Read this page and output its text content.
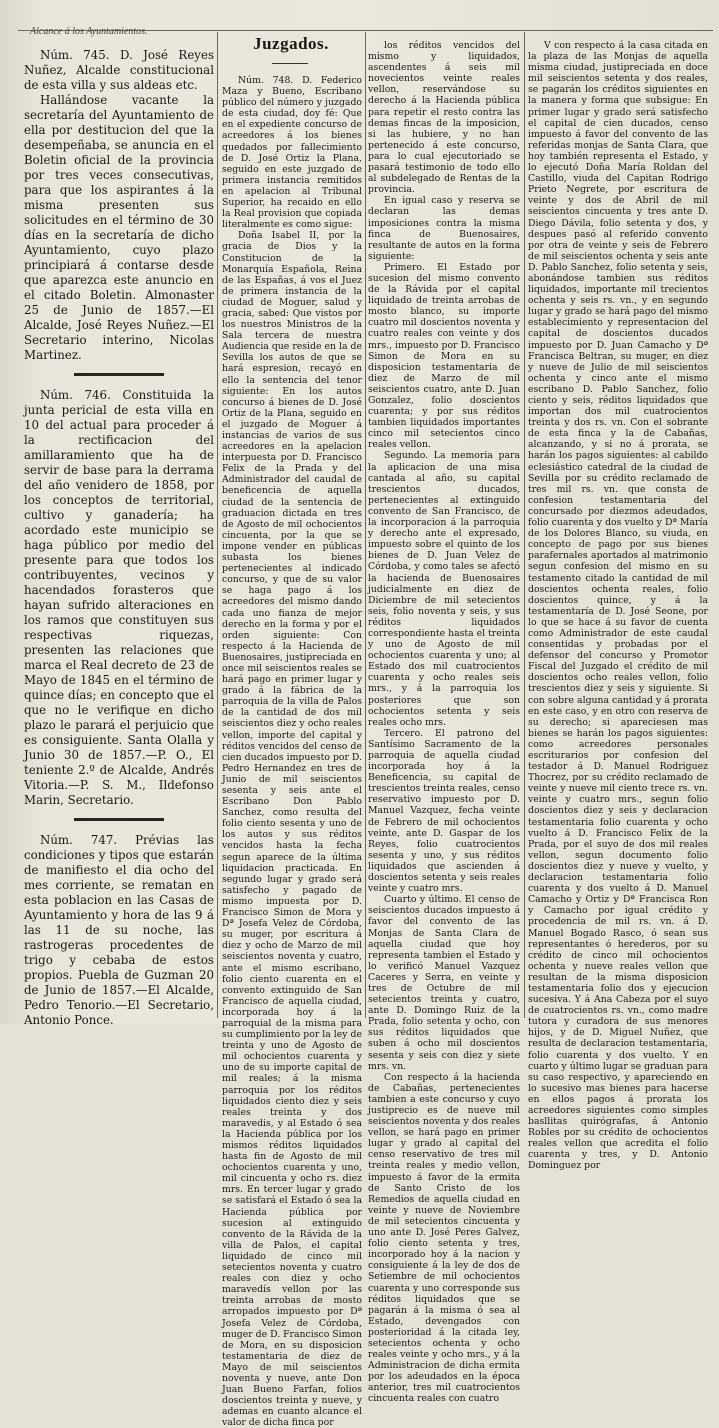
Alcance á los Ayuntamientos.
Juzgados.

Núm. 745. D. José Reyes Nuñez, Alcalde constitucional de esta villa y sus aldeas etc.

Hallándose vacante la secretaría del Ayuntamiento de ella por destitucion del que la desempeñaba, se anuncia en el Boletin oficial de la provincia por tres veces consecutivas, para que los aspirantes á la misma presenten sus solicitudes en el término de 30 días en la secretaría de dicho Ayuntamiento, cuyo plazo principiará á contarse desde que aparezca este anuncio en el citado Boletin. Almonaster 25 de Junio de 1857.—El Alcalde, José Reyes Nuñez.—El Secretario interino, Nicolas Martinez.

Núm. 746. Constituida la junta pericial de esta villa en 10 del actual para proceder á la rectificacion del amillaramiento que ha de servir de base para la derrama del año venidero de 1858, por los conceptos de territorial, cultivo y ganadería; ha acordado este municipio se haga público por medio del presente para que todos los contribuyentes, vecinos y hacendados forasteros que hayan sufrido alteraciones en los ramos que constituyen sus respectivas riquezas, presenten las relaciones que marca el Real decreto de 23 de Mayo de 1845 en el término de quince días; en concepto que el que no le verifique en dicho plazo le parará el perjuicio que es consiguiente. Santa Olalla y Junio 30 de 1857.—P. O., El teniente 2.º de Alcalde, Andrés Vitoria.—P. S. M., Ildefonso Marin, Secretario.

Núm. 747. Prévias las condiciones y tipos que estarán de manifiesto el dia ocho del mes corriente, se rematan en esta poblacion en las Casas de Ayuntamiento y hora de las 9 á las 11 de su noche, las rastrogeras procedentes de trigo y cebaba de estos propios. Puebla de Guzman 20 de Junio de 1857.—El Alcalde, Pedro Tenorio.—El Secretario, Antonio Ponce.

Núm. 748. D. Federico Maza y Bueno, Escribano público del número y juzgado de esta ciudad, doy fé: Que en el expediente concurso de acreedores á los bienes quedados por fallecimiento de D. José Ortiz la Plana, seguido en este juzgado de primera instancia remitidos en apelacion al Tribunal Superior, ha recaido en ello la Real provision que copiada literalmente es como sigue:

Doña Isabel II, por la gracia de Dios y la Constitucion de la Monarquía Española, Reina de las Españas, á vos el Juez de primera instancia de la ciudad de Moguer, salud y gracia, sabed: Que vistos por los nuestros Ministros de la Sala tercera de nuestra Audiencia que reside en la de Sevilla los autos de que se hará espresion, recayó en ello la sentencia del tenor siguiente: En los autos concurso á bienes de D. José Ortiz de la Plana, seguido en el juzgado de Moguer á instancias de varios de sus acreedores en la apelacion interpuesta por D. Francisco Felix de la Prada y del Administrador del caudal de beneficencia de aquella ciudad de la sentencia de graduacion dictada en tres de Agosto de mil ochocientos cincuenta, por la que se impone vender en públicas subasta los bienes pertenecientes al indicado concurso, y que de su valor se haga pago á los acreedores del mismo dando cada uno fianza de mejor derecho en la forma y por el orden siguiente: Con respecto á la Hacienda de Buenosaires, justipreciada en once mil seiscientos reales se hará pago en primer lugar y grado á la fábrica de la parroquia de la villa de Palos de la cantidad de dos mil seiscientos diez y ocho reales vellon, importe del capital y réditos vencidos del censo de cien ducados impuesto por D. Pedro Hernandez en tres de Junio de mil seiscientos sesenta y seis ante el Escribano Don Pablo Sanchez, como resulta del folio ciento sesenta y uno de los autos y sus réditos vencidos hasta la fecha segun aparece de la última liquidacion practicada. En segundo lugar y grado será satisfecho y pagado de mismo impuesta por D. Francisco Simon de Mora y Dª Josefa Velez de Córdoba, su muger, por escritura á diez y ocho de Marzo de mil seiscientos noventa y cuatro, ante el mismo escribano, folio ciento cuarenta en el convento extinguido de San Francisco de aquella ciudad, incorporada hoy á la parroquial de la misma para su cumplimiento por la ley de treinta y uno de Agosto de mil ochocientos cuarenta y uno de su importe capital de mil reales; á la misma parroquia por los réditos liquidados ciento diez y seis reales treinta y dos maravedis, y al Estado ó sea la Hacienda pública por los mismos réditos liquidados hasta fin de Agosto de mil ochocientos cuarenta y uno, mil cincuenta y ocho rs. diez mrs. En tercer lugar y grado se satisfará el Estado ó sea la Hacienda pública por sucesion al extinguido convento de la Rávida de la villa de Palos, el capital liquidado de cinco mil setecientos noventa y cuatro reales con diez y ocho maravedís vellon por las treinta arrobas de mosto arropados impuesto por Dª Josefa Velez de Córdoba, muger de D. Francisco Simon de Mora, en su disposicion testamentaria de diez de Mayo de mil seiscientos noventa y nueve, ante Don Juan Bueno Farfan, folios doscientos treinta y nueve, y ademas en cuanto alcance el valor de dicha finca por

los réditos vencidos del mismo y liquidados, ascendentes á seis mil novecientos veinte reales vellon, reservándose su derecho á la Hacienda pública para repetir el resto contra las demas fincas de la imposicion, si las hubiere, y no han pertenecido á este concurso, para lo cual ejecutoriado se pasará testimonio de todo ello al subdelegado de Rentas de la provincia.

En igual caso y reserva se declaran las demas imposiciones contra la misma finca de Buenosaires, resultante de autos en la forma siguiente:

Primero. El Estado por sucesion del mismo convento de la Rávida por el capital liquidado de treinta arrobas de mosto blanco, su importe cuatro mil doscientos noventa y cuatro reales con veinte y dos mrs., impuesto por D. Francisco Simon de Mora en su disposicion testamentaria de diez de Marzo de mil seiscientos cuatro, ante D. Juan Gonzalez, folio doscientos cuarenta; y por sus réditos tambien liquidados importantes cinco mil setecientos cinco reales vellon.

Segundo. La memoria para la aplicacion de una misa cantada al año, su capital trescientos ducados, pertenecientes al extinguido convento de San Francisco, de la incorporacion á la parroquia y derecho ante el expresado, impuesto sobre el quinto de los bienes de D. Juan Velez de Córdoba, y como tales se afectó la hacienda de Buenosaires judicialmente en diez de Diciembre de mil setecientos seis, folio noventa y seis, y sus réditos liquidados correspondiente hasta el treinta y uno de Agosto de mil ochocientos cuarenta y uno; al Estado dos mil cuatrocientos cuarenta y ocho reales seis mrs., y á la parroquia los posteriores que son ochocientos setenta y seis reales ocho mrs.

Tercero. El patrono del Santísimo Sacramento de la parroquia de aquella ciudad incorporada hoy á la Beneficencia, su capital de trescientos treinta reales, censo reservativo impuesto por D. Manuel Vazquez, fecha veinte de Febrero de mil ochocientos veinte, ante D. Gaspar de los Reyes, folio cuatrocientos sesenta y uno, y sus réditos liquidados que ascienden á doscientos setenta y seis reales veinte y cuatro mrs.

Cuarto y último. El censo de seiscientos ducados impuesto á favor del convento de las Monjas de Santa Clara de aquella ciudad que hoy representa tambien el Estado y lo verificó Manuel Vazquez Caceres y Serra, en veinte y tres de Octubre de mil setecientos treinta y cuatro, ante D. Domingo Ruiz de la Prada, folio setenta y ocho, con sus réditos liquidados que suben á ocho mil doscientos sesenta y seis con diez y siete mrs. vn.

Con respecto á la hacienda de Cabañas, pertenecientes tambien a este concurso y cuyo justiprecio es de nueve mil seiscientos noventa y dos reales vellon, se hará pago en primer lugar y grado al capital del censo reservativo de tres mil treinta reales y medio vellon, impuesto á favor de la ermita de Santo Cristo de los Remedios de aquella ciudad en veinte y nueve de Noviembre de mil setecientos cincuenta y uno ante D. José Peres Galvez, folio ciento setenta y tres, incorporado hoy á la nacion y consiguiente á la ley de dos de Setiembre de mil ochocientos cuarenta y uno corresponde sus réditos liquidados que se pagarán á la misma ó sea al Estado, devengados con posterioridad á la citada ley, setecientos ochenta y ocho reales veinte y ocho mrs., y á la Administracion de dicha ermita por los adeudados en la época anterior, tres mil cuatrocientos cincuenta reales con cuatro

V con respecto á la casa citada en la plaza de las Monjas de aquella misma ciudad, justipreciada en doce mil seiscientos setenta y dos reales, se pagarán los créditos siguientes en la manera y forma que subsigue: En primer lugar y grado será satisfecho el capital de cien ducados, censo impuesto á favor del convento de las referidas monjas de Santa Clara, que hoy también representa el Estado, y lo ejecutó Doña María Roldan del Castillo, viuda del Capitan Rodrigo Prieto Negrete, por escritura de veinte y dos de Abril de mil seiscientos cincuenta y tres ante D. Diego Dávila, folio setenta y dos, y despues pasó al referido convento por otra de veinte y seis de Febrero de mil seiscientos ochenta y seis ante D. Pablo Sanchez, folio setenta y seis, abonándose tambien sus réditos liquidados, importante mil trecientos ochenta y seis rs. vn., y en segundo lugar y grado se hará pago del mismo establecimiento y representacion del capital de doscientos ducados impuesto por D. Juan Camacho y Dª Francisca Beltran, su muger, en diez y nueve de Julio de mil seiscientos ochenta y cinco ante el mismo escribano D. Pablo Sanchez, folio ciento y seis, réditos liquidados que importan dos mil cuatrocientos treinta y dos rs. vn. Con el sobrante de esta finca y la de Cabañas, alcanzando, y si no á prorata, se harán los pagos siguientes: al cabildo eclesiástico catedral de la ciudad de Sevilla por su crédito reclamado de tres mil rs. vn. que consta de confesion testamentaria del concursado por diezmos adeudados, folio cuarenta y dos vuelto y Dª María de los Dolores Blanco, su viuda, en concepto de pago por sus bienes parafernales aportados al matrimonio segun confesion del mismo en su testamento citado la cantidad de mil doscientos ochenta reales, folio doscientos quince, y á la testamentaría de D. José Seone, por lo que se hace á su favor de cuenta como Administrador de este caudal consentidas y probadas por el defensor del concurso y Promotor Fiscal del Juzgado el crédito de mil doscientos ocho reales vellon, folio trescientos diez y seis y siguiente. Si con sobre alguna cantidad y á prorata en este caso, y en otro con reserva de su derecho; si apareciesen mas bienes se harán los pagos siguientes: como acreedores personales escriturarios por confesion del testador á D. Manuel Rodriguez Thocrez, por su crédito reclamado de veinte y nueve mil ciento trece rs. vn. veinte y cuatro mrs., segun folio doscientos diez y seis y declaracion testamentaria folio cuarenta y ocho vuelto á D. Francisco Felix de la Prada, por el suyo de dos mil reales vellon, segun documento folio doscientos diez y nueve y vuelto, y declaracion testamentaria folio cuarenta y dos vuelto á D. Manuel Camacho y Ortiz y Dª Francisca Ron y Camacho por igual crédito y procedencia de mil rs. vn. á D. Manuel Bogado Rasco, ó sean sus representantes ó herederos, por su crédito de cinco mil ochocientos ochenta y nueve reales vellon que resultan de la misma disposicion testamentaria folio dos y ejecucion sucesiva. Y á Ana Cabeza por el suyo de cuatrocientos rs. vn., como madre tutora y curadora de sus menores hijos, y de D. Miguel Nuñez, que resulta de declaracion testamentaria, folio cuarenta y dos vuelto. Y en cuarto y último lugar se graduan para su caso respectivo, y apareciendo en lo sucesivo mas bienes para hacerse en ellos pagos á prorata los acreedores siguientes como simples basllitas quirógrafas, á Antonio Robles por su crédito de ochocientos reales vellon que acredita el folio cuarenta y tres, y D. Antonio Dominguez por
